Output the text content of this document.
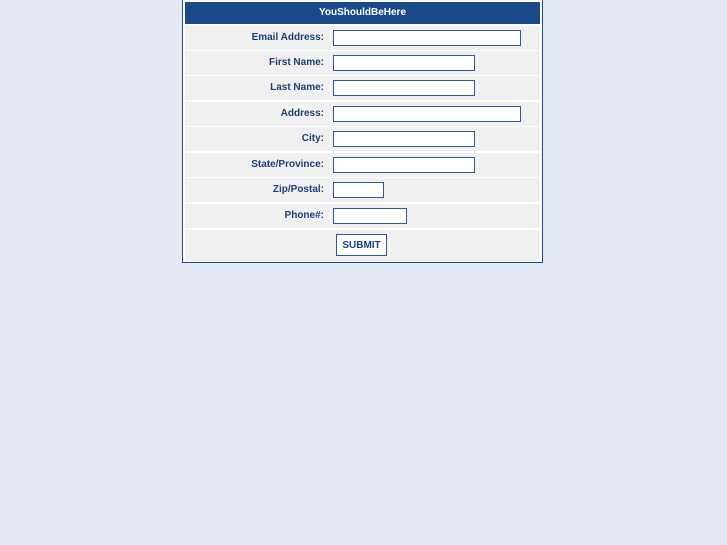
YouShouldBeHere
Email Address:
First Name:
Last Name:
Address:
City:
State/Province:
Zip/Postal:
Phone#:
SUBMIT
